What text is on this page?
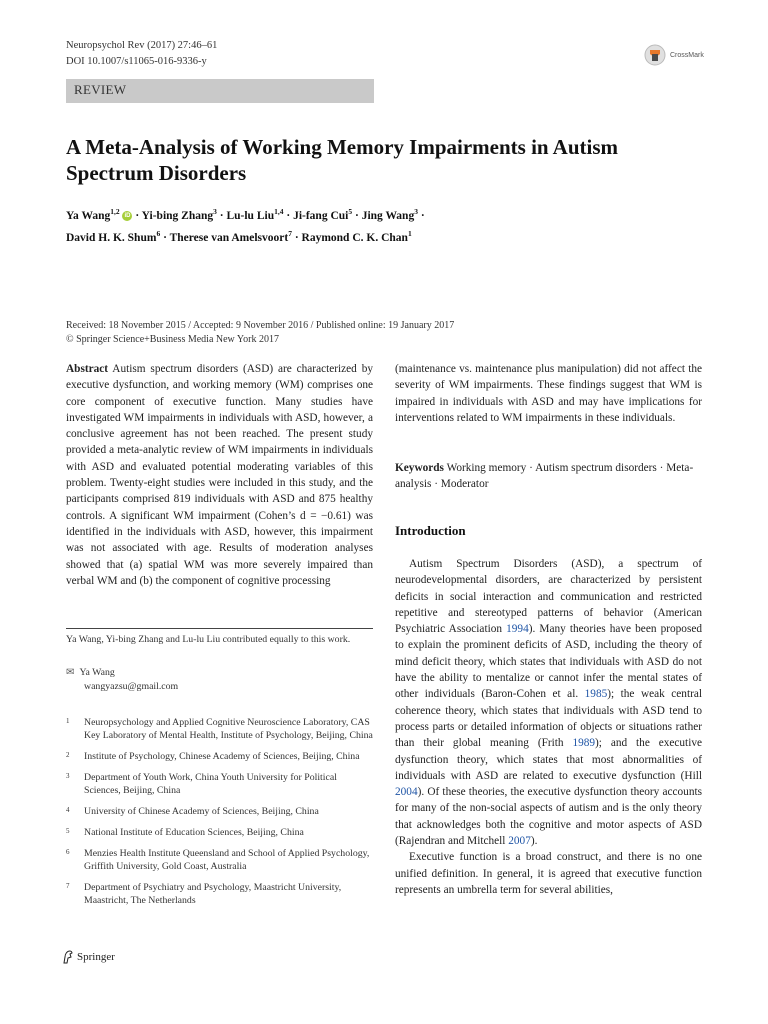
Neuropsychol Rev (2017) 27:46–61
DOI 10.1007/s11065-016-9336-y
CrossMark
REVIEW
A Meta-Analysis of Working Memory Impairments in Autism Spectrum Disorders
Ya Wang$^{1,2}$ iD · Yi-bing Zhang$^3$ · Lu-lu Liu$^{1,4}$ · Ji-fang Cui$^5$ · Jing Wang$^3$ ·
David H. K. Shum$^6$ · Therese van Amelsvoort$^7$ · Raymond C. K. Chan$^1$
Received: 18 November 2015 / Accepted: 9 November 2016 / Published online: 19 January 2017
© Springer Science+Business Media New York 2017
Abstract Autism spectrum disorders (ASD) are characterized by executive dysfunction, and working memory (WM) comprises one core component of executive function. Many studies have investigated WM impairments in individuals with ASD, however, a conclusive agreement has not been reached. The present study provided a meta-analytic review of WM impairments in individuals with ASD and evaluated potential moderating variables of this problem. Twenty-eight studies were included in this study, and the participants comprised 819 individuals with ASD and 875 healthy controls. A significant WM impairment (Cohen’s d = −0.61) was identified in the individuals with ASD, however, this impairment was not associated with age. Results of moderation analyses showed that (a) spatial WM was more severely impaired than verbal WM and (b) the component of cognitive processing
(maintenance vs. maintenance plus manipulation) did not affect the severity of WM impairments. These findings suggest that WM is impaired in individuals with ASD and may have implications for interventions related to WM impairments in these individuals.
Keywords Working memory · Autism spectrum disorders · Meta-analysis · Moderator
Introduction
Autism Spectrum Disorders (ASD), a spectrum of neurodevelopmental disorders, are characterized by persistent deficits in social interaction and communication and restricted repetitive and stereotyped patterns of behavior (American Psychiatric Association 1994). Many theories have been proposed to explain the prominent deficits of ASD, including the theory of mind deficit theory, which states that individuals with ASD do not have the ability to mentalize or cannot infer the mental states of other individuals (Baron-Cohen et al. 1985); the weak central coherence theory, which states that individuals with ASD tend to process parts or detailed information of objects or situations rather than their global meaning (Frith 1989); and the executive dysfunction theory, which states that most abnormalities of individuals with ASD are related to executive dysfunction (Hill 2004). Of these theories, the executive dysfunction theory accounts for many of the non-social aspects of autism and is the only theory that acknowledges both the cognitive and motor aspects of ASD (Rajendran and Mitchell 2007).
Executive function is a broad construct, and there is no one unified definition. In general, it is agreed that executive function represents an umbrella term for several abilities,
Ya Wang, Yi-bing Zhang and Lu-lu Liu contributed equally to this work.
✉ Ya Wang
wangyazsu@gmail.com
1	Neuropsychology and Applied Cognitive Neuroscience Laboratory, CAS Key Laboratory of Mental Health, Institute of Psychology, Beijing, China
2	Institute of Psychology, Chinese Academy of Sciences, Beijing, China
3	Department of Youth Work, China Youth University for Political Sciences, Beijing, China
4	University of Chinese Academy of Sciences, Beijing, China
5	National Institute of Education Sciences, Beijing, China
6	Menzies Health Institute Queensland and School of Applied Psychology, Griffith University, Gold Coast, Australia
7	Department of Psychiatry and Psychology, Maastricht University, Maastricht, The Netherlands
Springer
